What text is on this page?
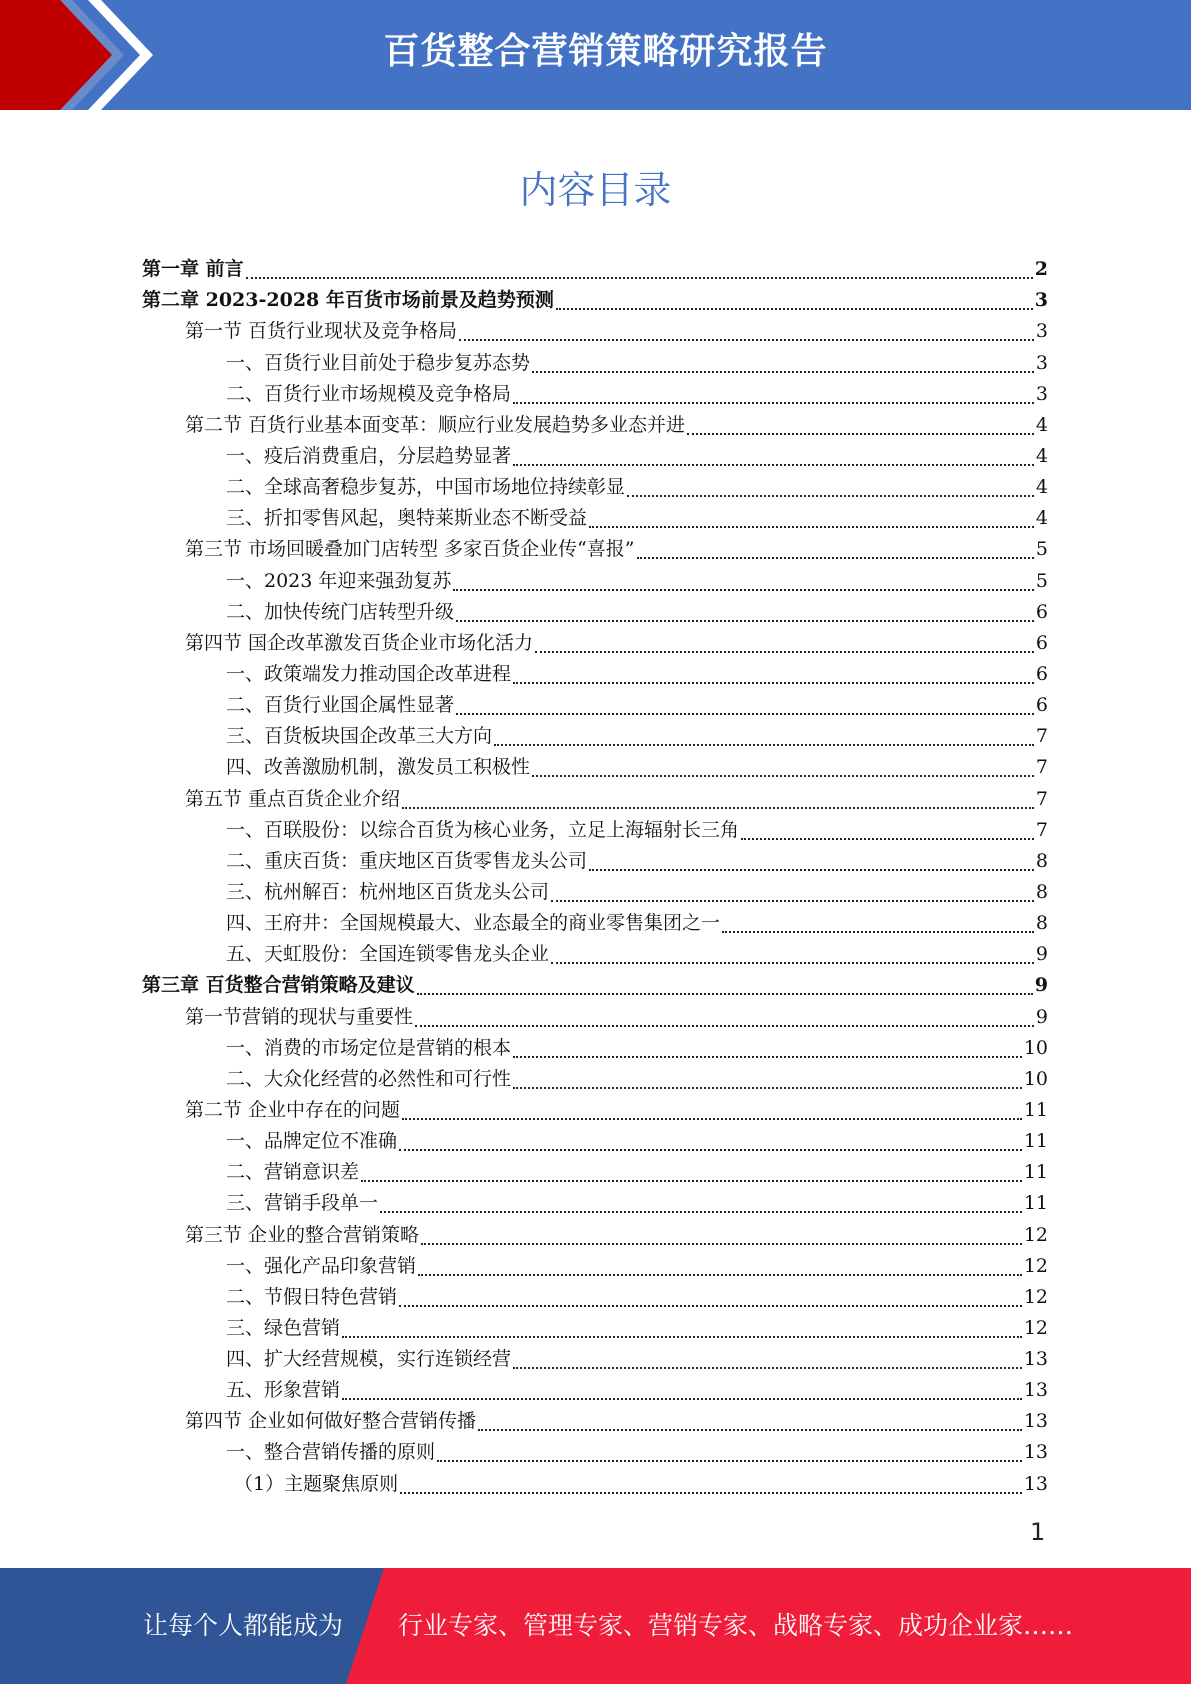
百货整合营销策略研究报告
内容目录
第一章 前言	2
第二章 2023-2028 年百货市场前景及趋势预测	3
第一节 百货行业现状及竞争格局	3
一、百货行业目前处于稳步复苏态势	3
二、百货行业市场规模及竞争格局	3
第二节 百货行业基本面变革：顺应行业发展趋势多业态并进	4
一、疫后消费重启，分层趋势显著	4
二、全球高奢稳步复苏，中国市场地位持续彰显	4
三、折扣零售风起，奥特莱斯业态不断受益	4
第三节 市场回暖叠加门店转型 多家百货企业传“喜报”	5
一、2023 年迎来强劲复苏	5
二、加快传统门店转型升级	6
第四节 国企改革激发百货企业市场化活力	6
一、政策端发力推动国企改革进程	6
二、百货行业国企属性显著	6
三、百货板块国企改革三大方向	7
四、改善激励机制，激发员工积极性	7
第五节 重点百货企业介绍	7
一、百联股份：以综合百货为核心业务，立足上海辐射长三角	7
二、重庆百货：重庆地区百货零售龙头公司	8
三、杭州解百：杭州地区百货龙头公司	8
四、王府井：全国规模最大、业态最全的商业零售集团之一	8
五、天虹股份：全国连锁零售龙头企业	9
第三章 百货整合营销策略及建议	9
第一节营销的现状与重要性	9
一、消费的市场定位是营销的根本	10
二、大众化经营的必然性和可行性	10
第二节 企业中存在的问题	11
一、品牌定位不准确	11
二、营销意识差	11
三、营销手段单一	11
第三节 企业的整合营销策略	12
一、强化产品印象营销	12
二、节假日特色营销	12
三、绿色营销	12
四、扩大经营规模，实行连锁经营	13
五、形象营销	13
第四节 企业如何做好整合营销传播	13
一、整合营销传播的原则	13
（1）主题聚焦原则	13
1
让每个人都能成为 行业专家、管理专家、营销专家、战略专家、成功企业家……
